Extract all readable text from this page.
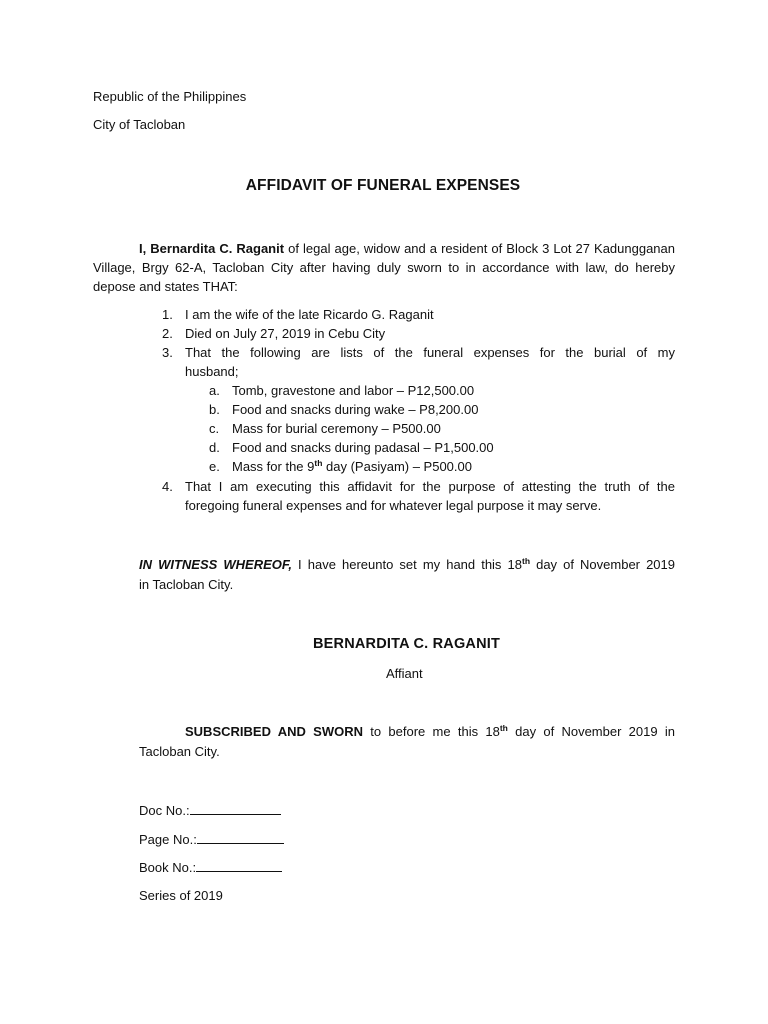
Republic of the Philippines
City of Tacloban
AFFIDAVIT OF FUNERAL EXPENSES
I, Bernardita C. Raganit of legal age, widow and a resident of Block 3 Lot 27 Kadungganan Village, Brgy 62-A, Tacloban City after having duly sworn to in accordance with law, do hereby depose and states THAT:
1. I am the wife of the late Ricardo G. Raganit
2. Died on July 27, 2019 in Cebu City
3. That the following are lists of the funeral expenses for the burial of my
husband;
a. Tomb, gravestone and labor – P12,500.00
b. Food and snacks during wake – P8,200.00
c. Mass for burial ceremony – P500.00
d. Food and snacks during padasal – P1,500.00
e. Mass for the 9th day (Pasiyam) – P500.00
4. That I am executing this affidavit for the purpose of attesting the truth of the
foregoing funeral expenses and for whatever legal purpose it may serve.
IN WITNESS WHEREOF, I have hereunto set my hand this 18th day of November 2019
in Tacloban City.
BERNARDITA C. RAGANIT
Affiant
SUBSCRIBED AND SWORN to before me this 18th day of November 2019 in
Tacloban City.
Doc No.:
Page No.:
Book No.:
Series of 2019
